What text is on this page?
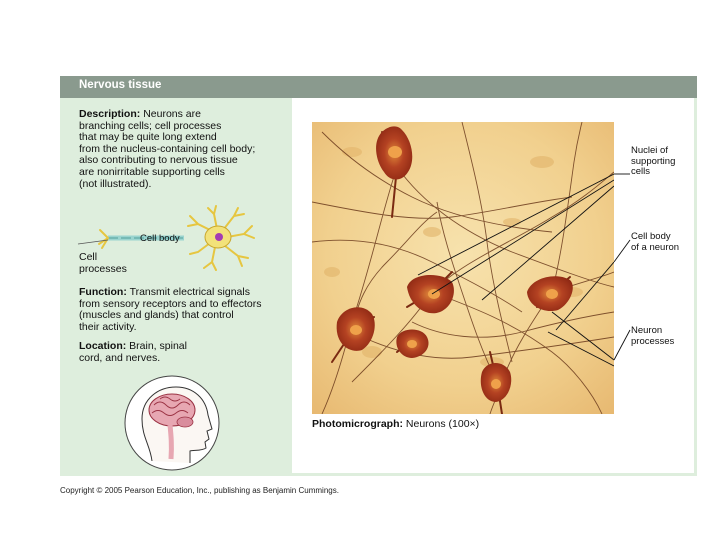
Nervous tissue
Description: Neurons are
branching cells; cell processes
that may be quite long extend
from the nucleus-containing cell body;
also contributing to nervous tissue
are nonirritable supporting cells
(not illustrated).
Cell body
Cell
processes
Function: Transmit electrical signals
from sensory receptors and to effectors
(muscles and glands) that control
their activity.
Location: Brain, spinal
cord, and nerves.
Nuclei of
supporting
cells
Cell body
of a neuron
Neuron
processes
Photomicrograph: Neurons (100×)
Copyright © 2005 Pearson Education, Inc., publishing as Benjamin Cummings.
